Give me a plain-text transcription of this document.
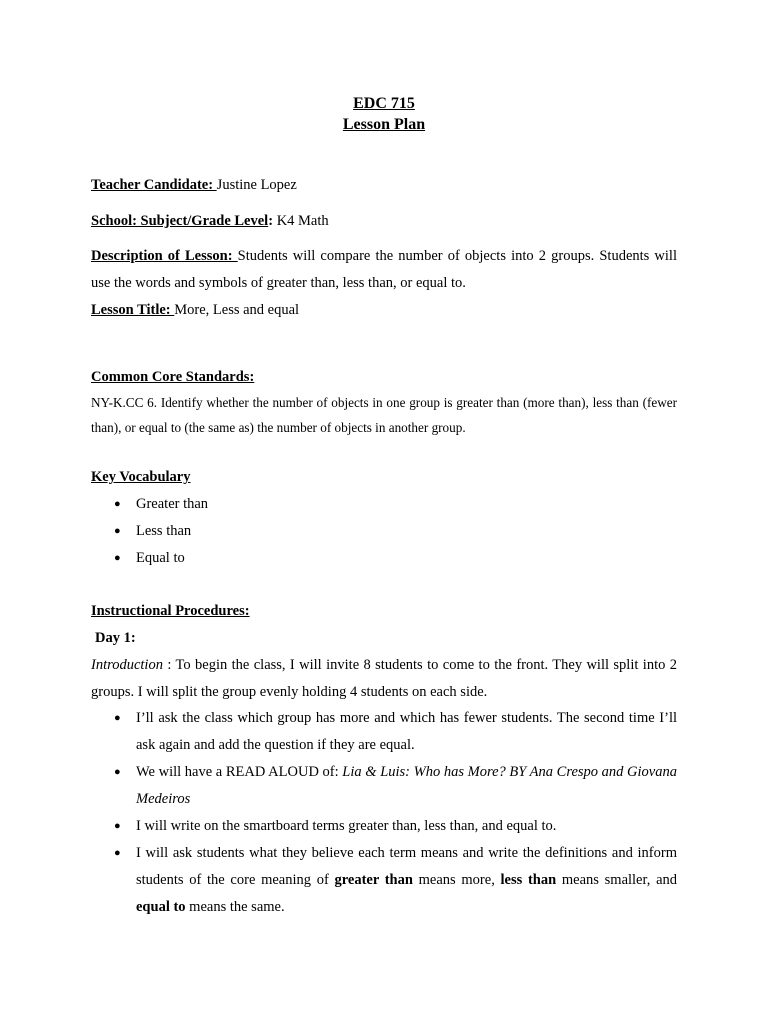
EDC 715
Lesson Plan
Teacher Candidate: Justine Lopez
School: Subject/Grade Level: K4 Math
Description of Lesson: Students will compare the number of objects into 2 groups. Students will use the words and symbols of greater than, less than, or equal to.
Lesson Title: More, Less and equal
Common Core Standards:
NY-K.CC 6. Identify whether the number of objects in one group is greater than (more than), less than (fewer than), or equal to (the same as) the number of objects in another group.
Key Vocabulary
●	Greater than
●	Less than
●	Equal to
Instructional Procedures:
Day 1:
Introduction : To begin the class, I will invite 8 students to come to the front. They will split into 2 groups. I will split the group evenly holding 4 students on each side.
●	I’ll ask the class which group has more and which has fewer students. The second time I’ll ask again and add the question if they are equal.
●	We will have a READ ALOUD of: Lia & Luis: Who has More? BY Ana Crespo and Giovana Medeiros
●	I will write on the smartboard terms greater than, less than, and equal to.
●	I will ask students what they believe each term means and write the definitions and inform students of the core meaning of greater than means more, less than means smaller, and equal to means the same.
